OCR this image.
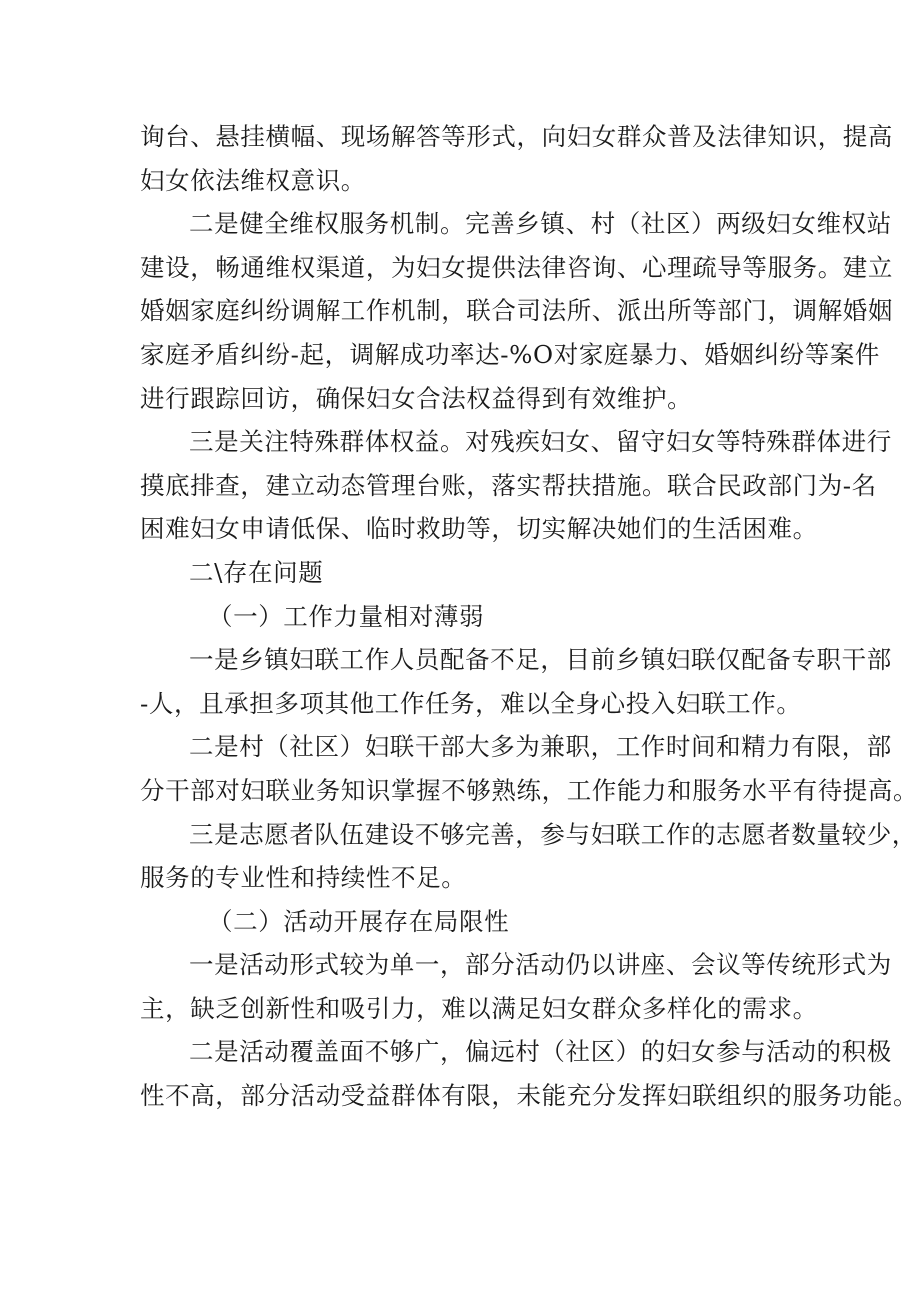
询台、悬挂横幅、现场解答等形式，向妇女群众普及法律知识，提高
妇女依法维权意识。
二是健全维权服务机制。完善乡镇、村（社区）两级妇女维权站
建设，畅通维权渠道，为妇女提供法律咨询、心理疏导等服务。建立
婚姻家庭纠纷调解工作机制，联合司法所、派出所等部门，调解婚姻
家庭矛盾纠纷-起，调解成功率达-%O对家庭暴力、婚姻纠纷等案件
进行跟踪回访，确保妇女合法权益得到有效维护。
三是关注特殊群体权益。对残疾妇女、留守妇女等特殊群体进行
摸底排查，建立动态管理台账，落实帮扶措施。联合民政部门为-名
困难妇女申请低保、临时救助等，切实解决她们的生活困难。
二\存在问题
（一）工作力量相对薄弱
一是乡镇妇联工作人员配备不足，目前乡镇妇联仅配备专职干部
-人，且承担多项其他工作任务，难以全身心投入妇联工作。
二是村（社区）妇联干部大多为兼职，工作时间和精力有限，部
分干部对妇联业务知识掌握不够熟练，工作能力和服务水平有待提高。
三是志愿者队伍建设不够完善，参与妇联工作的志愿者数量较少，
服务的专业性和持续性不足。
（二）活动开展存在局限性
一是活动形式较为单一，部分活动仍以讲座、会议等传统形式为
主，缺乏创新性和吸引力，难以满足妇女群众多样化的需求。
二是活动覆盖面不够广，偏远村（社区）的妇女参与活动的积极
性不高，部分活动受益群体有限，未能充分发挥妇联组织的服务功能。
